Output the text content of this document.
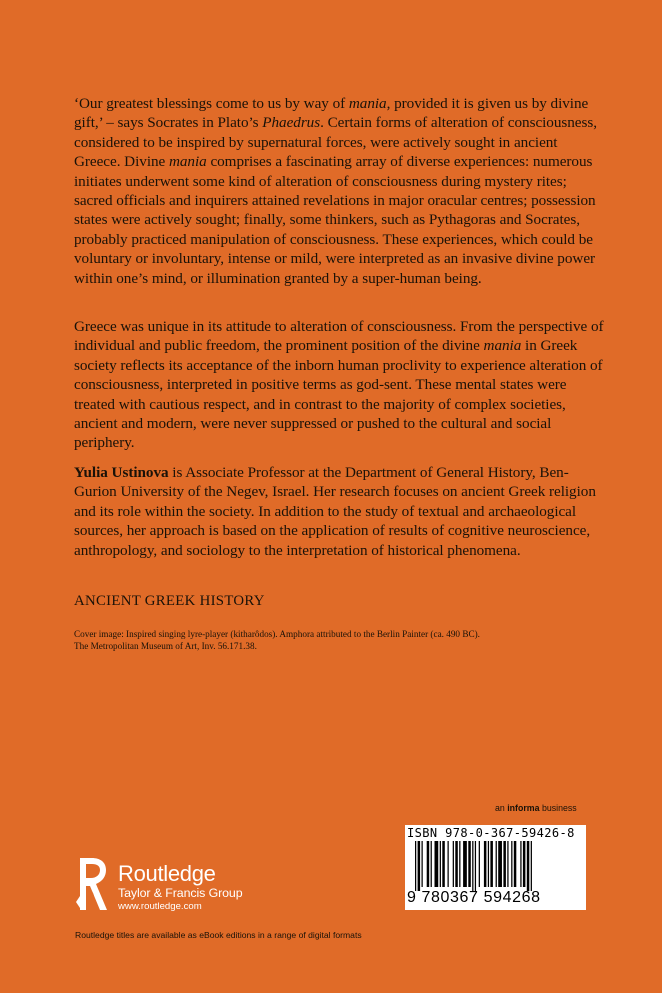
‘Our greatest blessings come to us by way of mania, provided it is given us by divine gift,’ – says Socrates in Plato’s Phaedrus. Certain forms of alteration of consciousness, considered to be inspired by supernatural forces, were actively sought in ancient Greece. Divine mania comprises a fascinating array of diverse experiences: numerous initiates underwent some kind of alteration of consciousness during mystery rites; sacred officials and inquirers attained revelations in major oracular centres; possession states were actively sought; finally, some thinkers, such as Pythagoras and Socrates, probably practiced manipulation of consciousness. These experiences, which could be voluntary or involuntary, intense or mild, were interpreted as an invasive divine power within one’s mind, or illumination granted by a super-human being.

Greece was unique in its attitude to alteration of consciousness. From the perspective of individual and public freedom, the prominent position of the divine mania in Greek society reflects its acceptance of the inborn human proclivity to experience alteration of consciousness, interpreted in positive terms as god-sent. These mental states were treated with cautious respect, and in contrast to the majority of complex societies, ancient and modern, were never suppressed or pushed to the cultural and social periphery.

Yulia Ustinova is Associate Professor at the Department of General History, Ben-Gurion University of the Negev, Israel. Her research focuses on ancient Greek religion and its role within the society. In addition to the study of textual and archaeological sources, her approach is based on the application of results of cognitive neuroscience, anthropology, and sociology to the interpretation of historical phenomena.

ANCIENT GREEK HISTORY
Cover image: Inspired singing lyre-player (kitharôdos). Amphora attributed to the Berlin Painter (ca. 490 BC).
The Metropolitan Museum of Art, Inv. 56.171.38.
an informa business
ISBN 978-0-367-59426-8
9 780367 594268
Routledge
Taylor & Francis Group
www.routledge.com
Routledge titles are available as eBook editions in a range of digital formats
